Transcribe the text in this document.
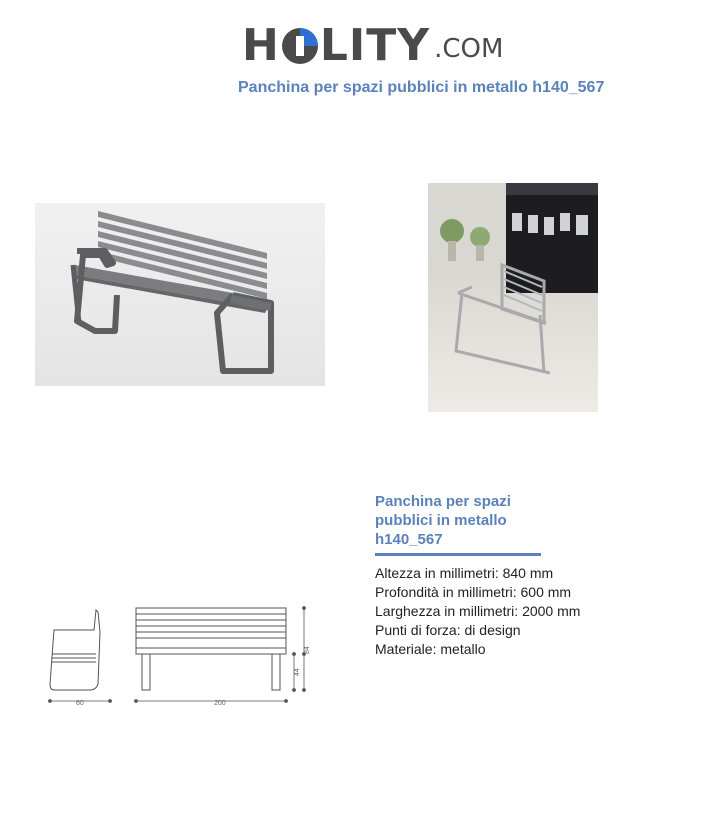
H LITY .COM
Panchina per spazi pubblici in metallo h140_567
60	200
84
44
Panchina per spazi
pubblici in metallo
h140_567
Altezza in millimetri: 840 mm
Profondità in millimetri: 600 mm
Larghezza in millimetri: 2000 mm
Punti di forza: di design
Materiale: metallo
